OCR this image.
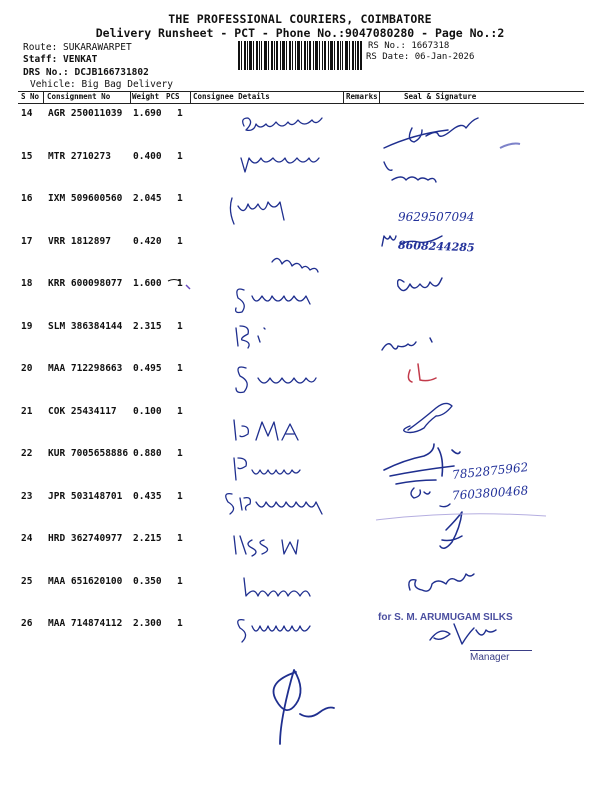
THE PROFESSIONAL COURIERS, COIMBATORE
Delivery Runsheet - PCT - Phone No.:9047080280 - Page No.:2
Route: SUKARAWARPET
Staff: VENKAT
DRS No.: DCJB166731802
Vehicle: Big Bag Delivery
RS No.: 1667318
RS Date: 06-Jan-2026
S No Consignment No	Weight PCS Consignee Details	Remarks	Seal & Signature
14 AGR 250011039 1.690 1
15 MTR 2710273 0.400 1
16 IXM 509600560 2.045 1
17 VRR 1812897 0.420 1
18 KRR 600098077 1.600 1
19 SLM 386384144 2.315 1
20 MAA 712298663 0.495 1
21 COK 25434117 0.100 1
22 KUR 7005658886 0.880 1
23 JPR 503148701 0.435 1
24 HRD 362740977 2.215 1
25 MAA 651620100 0.350 1
26 MAA 714874112 2.300 1
9629507094
8608244285
7852875962
7603800468
for S. M. ARUMUGAM SILKS
Manager
